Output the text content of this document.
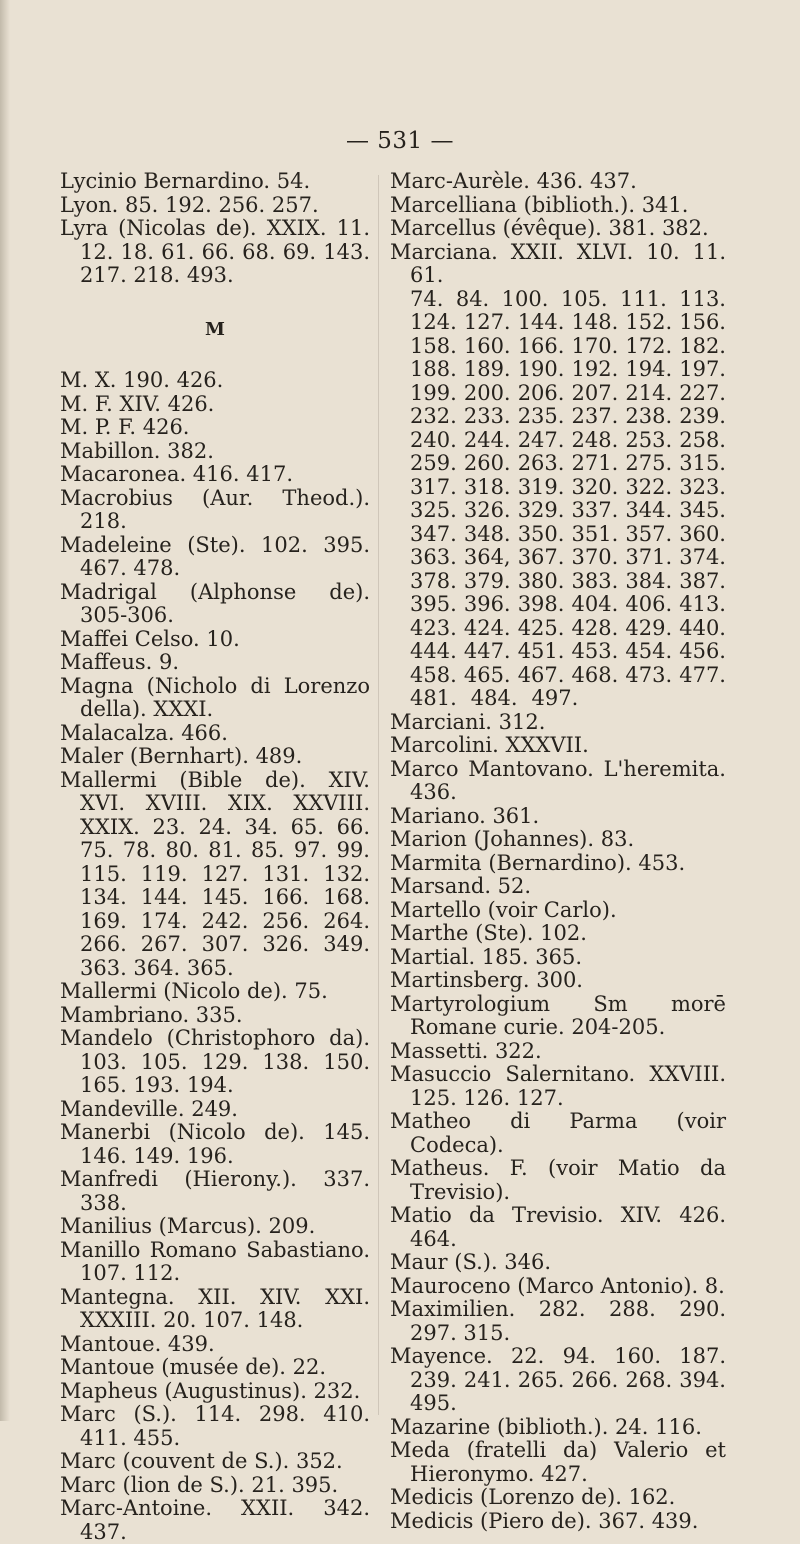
— 531 —
Lycinio Bernardino. 54.
Lyon. 85. 192. 256. 257.
Lyra (Nicolas de). XXIX. 11. 12. 18. 61. 66. 68. 69. 143. 217. 218. 493.
M
M. X. 190. 426.
M. F. XIV. 426.
M. P. F. 426.
Mabillon. 382.
Macaronea. 416. 417.
Macrobius (Aur. Theod.). 218.
Madeleine (Ste). 102. 395. 467. 478.
Madrigal (Alphonse de). 305-306.
Maffei Celso. 10.
Maffeus. 9.
Magna (Nicholo di Lorenzo della). XXXI.
Malacalza. 466.
Maler (Bernhart). 489.
Mallermi (Bible de). XIV. XVI. XVIII. XIX. XXVIII. XXIX. 23. 24. 34. 65. 66. 75. 78. 80. 81. 85. 97. 99. 115. 119. 127. 131. 132. 134. 144. 145. 166. 168. 169. 174. 242. 256. 264. 266. 267. 307. 326. 349. 363. 364. 365.
Mallermi (Nicolo de). 75.
Mambriano. 335.
Mandelo (Christophoro da). 103. 105. 129. 138. 150. 165. 193. 194.
Mandeville. 249.
Manerbi (Nicolo de). 145. 146. 149. 196.
Manfredi (Hierony.). 337. 338.
Manilius (Marcus). 209.
Manillo Romano Sabastiano. 107. 112.
Mantegna. XII. XIV. XXI. XXXIII. 20. 107. 148.
Mantoue. 439.
Mantoue (musée de). 22.
Mapheus (Augustinus). 232.
Marc (S.). 114. 298. 410. 411. 455.
Marc (couvent de S.). 352.
Marc (lion de S.). 21. 395.
Marc-Antoine. XXII. 342. 437.
Marc-Aurèle. 436. 437.
Marcelliana (biblioth.). 341.
Marcellus (évêque). 381. 382.
Marciana. XXII. XLVI. 10. 11. 61.
74. 84. 100. 105. 111. 113.
124. 127. 144. 148. 152. 156.
158. 160. 166. 170. 172. 182.
188. 189. 190. 192. 194. 197.
199. 200. 206. 207. 214. 227.
232. 233. 235. 237. 238. 239.
240. 244. 247. 248. 253. 258.
259. 260. 263. 271. 275. 315.
317. 318. 319. 320. 322. 323.
325. 326. 329. 337. 344. 345.
347. 348. 350. 351. 357. 360.
363. 364, 367. 370. 371. 374.
378. 379. 380. 383. 384. 387.
395. 396. 398. 404. 406. 413.
423. 424. 425. 428. 429. 440.
444. 447. 451. 453. 454. 456.
458. 465. 467. 468. 473. 477.
481. 484. 497.
Marciani. 312.
Marcolini. XXXVII.
Marco Mantovano. L'heremita. 436.
Mariano. 361.
Marion (Johannes). 83.
Marmita (Bernardino). 453.
Marsand. 52.
Martello (voir Carlo).
Marthe (Ste). 102.
Martial. 185. 365.
Martinsberg. 300.
Martyrologium Sm morē Romane curie. 204-205.
Massetti. 322.
Masuccio Salernitano. XXVIII. 125. 126. 127.
Matheo di Parma (voir Codeca).
Matheus. F. (voir Matio da Trevisio).
Matio da Trevisio. XIV. 426. 464.
Maur (S.). 346.
Mauroceno (Marco Antonio). 8.
Maximilien. 282. 288. 290. 297. 315.
Mayence. 22. 94. 160. 187. 239. 241. 265. 266. 268. 394. 495.
Mazarine (biblioth.). 24. 116.
Meda (fratelli da) Valerio et Hieronymo. 427.
Medicis (Lorenzo de). 162.
Medicis (Piero de). 367. 439.
